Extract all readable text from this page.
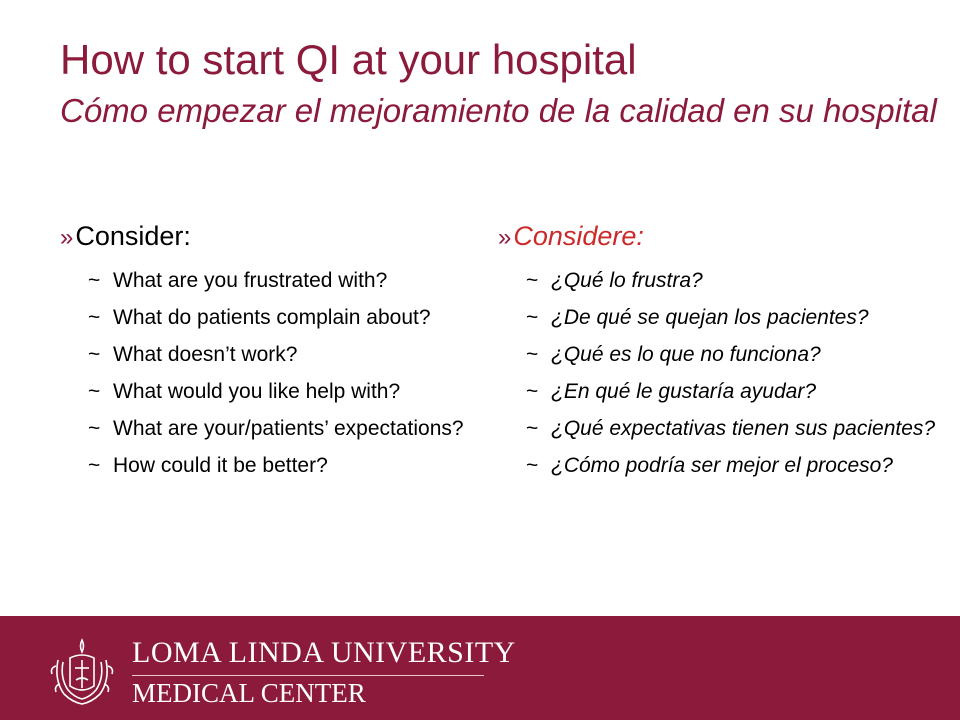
How to start QI at your hospital
Cómo empezar el mejoramiento de la calidad en su hospital
»Consider:
~ What are you frustrated with?
~ What do patients complain about?
~ What doesn’t work?
~ What would you like help with?
~ What are your/patients’ expectations?
~ How could it be better?
»Considere:
~ ¿Qué lo frustra?
~ ¿De qué se quejan los pacientes?
~ ¿Qué es lo que no funciona?
~ ¿En qué le gustaría ayudar?
~ ¿Qué expectativas tienen sus pacientes?
~ ¿Cómo podría ser mejor el proceso?
LOMA LINDA UNIVERSITY
MEDICAL CENTER
